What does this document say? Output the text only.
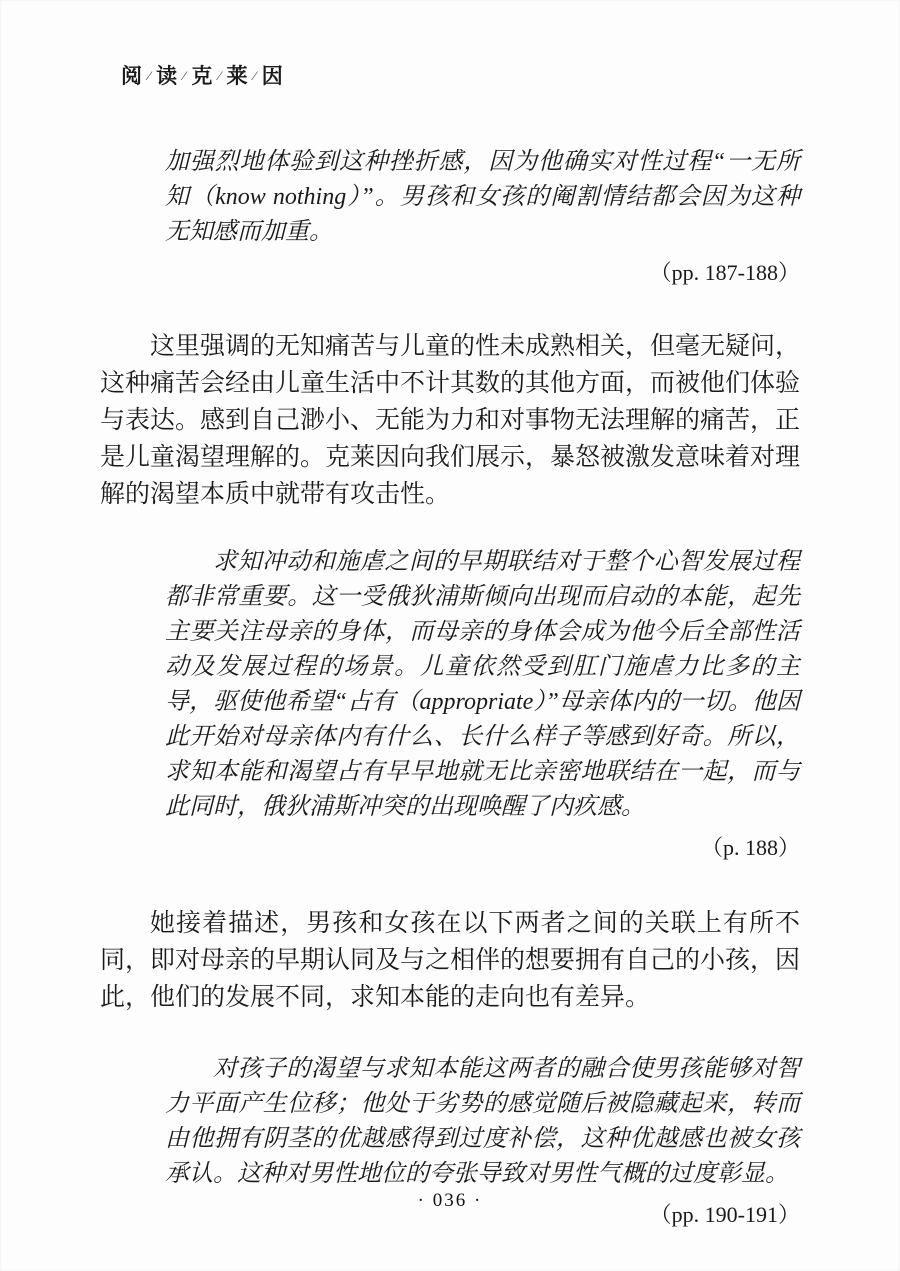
阅 ⁄ 读 ⁄ 克 ⁄ 莱 ⁄ 因

加强烈地体验到这种挫折感，因为他确实对性过程“一无所知（know nothing）”。男孩和女孩的阉割情结都会因为这种无知感而加重。

（pp. 187-188）

这里强调的无知痛苦与儿童的性未成熟相关，但毫无疑问，这种痛苦会经由儿童生活中不计其数的其他方面，而被他们体验与表达。感到自己渺小、无能为力和对事物无法理解的痛苦，正是儿童渴望理解的。克莱因向我们展示，暴怒被激发意味着对理解的渴望本质中就带有攻击性。

求知冲动和施虐之间的早期联结对于整个心智发展过程都非常重要。这一受俄狄浦斯倾向出现而启动的本能，起先主要关注母亲的身体，而母亲的身体会成为他今后全部性活动及发展过程的场景。儿童依然受到肛门施虐力比多的主导，驱使他希望“占有（appropriate）”母亲体内的一切。他因此开始对母亲体内有什么、长什么样子等感到好奇。所以，求知本能和渴望占有早早地就无比亲密地联结在一起，而与此同时，俄狄浦斯冲突的出现唤醒了内疚感。

（p. 188）

她接着描述，男孩和女孩在以下两者之间的关联上有所不同，即对母亲的早期认同及与之相伴的想要拥有自己的小孩，因此，他们的发展不同，求知本能的走向也有差异。

对孩子的渴望与求知本能这两者的融合使男孩能够对智力平面产生位移；他处于劣势的感觉随后被隐藏起来，转而由他拥有阴茎的优越感得到过度补偿，这种优越感也被女孩承认。这种对男性地位的夸张导致对男性气概的过度彰显。

（pp. 190-191）

· 036 ·
